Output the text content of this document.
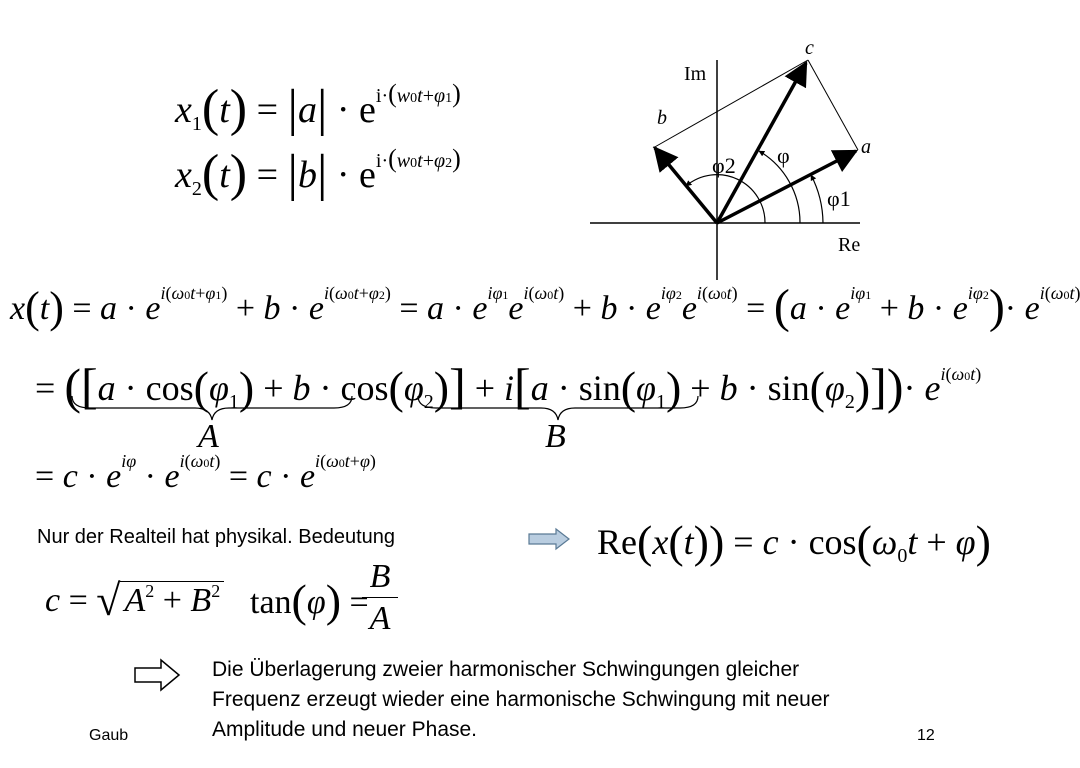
Im
Re
a
b
c
φ
φ1
φ2
$x_1(t) = |a| \cdot e^{i\cdot(w0t+\varphi 1)}$
$x_2(t) = |b| \cdot e^{i\cdot(w0t+\varphi 2)}$
$x(t) = a \cdot e^{i(\omega 0t+\varphi 1)} + b \cdot e^{i(\omega 0t+\varphi 2)} = a \cdot e^{i\varphi 1}e^{i(\omega 0t)} + b \cdot e^{i\varphi 2}e^{i(\omega 0t)} = (a \cdot e^{i\varphi 1} + b \cdot e^{i\varphi 2})\cdot e^{i(\omega 0t)}$
= $([a \cdot \cos(\varphi_1) + b \cdot \cos(\varphi_2)] + i[a \cdot \sin(\varphi_1) + b \cdot \sin(\varphi_2)])\cdot e^{i(\omega 0t)}$
A	B
= $c \cdot e^{i\varphi} \cdot e^{i(\omega 0t)} = c \cdot e^{i(\omega 0t+\varphi)}$
Nur der Realteil hat physikal. Bedeutung	$Re(x(t)) = c \cdot \cos(\omega_0t + \varphi)$
c = √ $A^2 + B^2$ tan(φ) =
B
A
Die Überlagerung zweier harmonischer Schwingungen gleicher
Frequenz erzeugt wieder eine harmonische Schwingung mit neuer
Amplitude und neuer Phase.
Gaub	12
